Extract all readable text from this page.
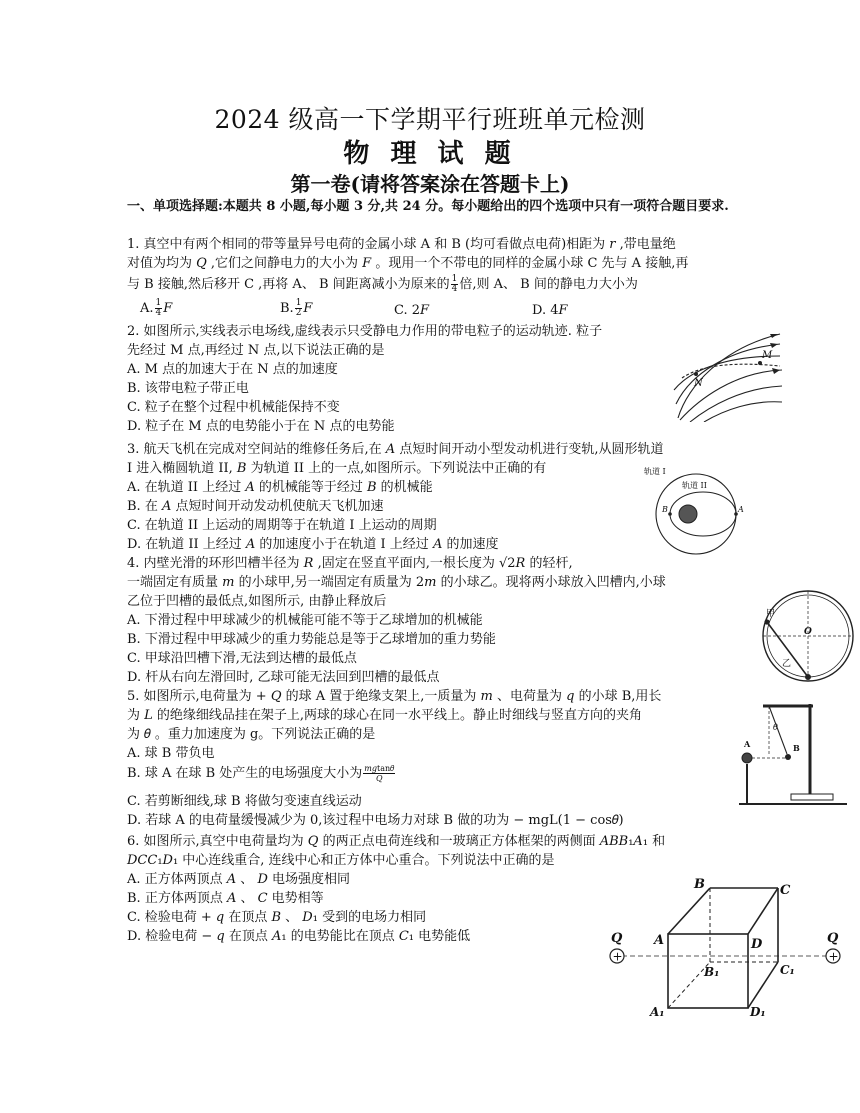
2024 级高一下学期平行班班单元检测
物 理 试 题
第一卷(请将答案涂在答题卡上)
一、单项选择题:本题共 8 小题,每小题 3 分,共 24 分。每小题给出的四个选项中只有一项符合题目要求.
1. 真空中有两个相同的带等量异号电荷的金属小球 A 和 B (均可看做点电荷)相距为 𝑟 ,带电量绝
对值为均为 𝑄 ,它们之间静电力的大小为 𝐹 。现用一个不带电的同样的金属小球 C 先与 A 接触,再
与 B 接触,然后移开 C ,再将 A、 B 间距离减小为原来的 $\frac{1}{4}$ 倍,则 A、 B 间的静电力大小为
A. $\frac{1}{4}$ 𝐹	B. $\frac{1}{2}$ 𝐹	C. 2𝐹	D. 4𝐹
2. 如图所示,实线表示电场线,虚线表示只受静电力作用的带电粒子的运动轨迹. 粒子
先经过 M 点,再经过 N 点,以下说法正确的是
A. M 点的加速大于在 N 点的加速度
B. 该带电粒子带正电
C. 粒子在整个过程中机械能保持不变
D. 粒子在 M 点的电势能小于在 N 点的电势能
M
N
3. 航天飞机在完成对空间站的维修任务后,在 𝐴 点短时间开动小型发动机进行变轨,从圆形轨道
I 进入椭圆轨道 II, 𝐵 为轨道 II 上的一点,如图所示。下列说法中正确的有
A. 在轨道 II 上经过 𝐴 的机械能等于经过 𝐵 的机械能
B. 在 𝐴 点短时间开动发动机使航天飞机加速
C. 在轨道 II 上运动的周期等于在轨道 I 上运动的周期
D. 在轨道 II 上经过 𝐴 的加速度小于在轨道 I 上经过 𝐴 的加速度
轨道 I
轨道 II
A
B
4. 内壁光滑的环形凹槽半径为 𝑅 ,固定在竖直平面内,一根长度为 √2𝑅 的轻杆,
一端固定有质量 𝑚 的小球甲,另一端固定有质量为 2𝑚 的小球乙。现将两小球放入凹槽内,小球
乙位于凹槽的最低点,如图所示, 由静止释放后
A. 下滑过程中甲球减少的机械能可能不等于乙球增加的机械能
B. 下滑过程中甲球减少的重力势能总是等于乙球增加的重力势能
C. 甲球沿凹槽下滑,无法到达槽的最低点
D. 杆从右向左滑回时, 乙球可能无法回到凹槽的最低点
甲
乙
O
5. 如图所示,电荷量为 + 𝑄 的球 A 置于绝缘支架上,一质量为 𝑚 、电荷量为 𝑞 的小球 B,用长
为 𝐿 的绝缘细线品挂在架子上,两球的球心在同一水平线上。静止时细线与竖直方向的夹角
为 𝜃 。重力加速度为 g。下列说法正确的是
A. 球 B 带负电
B. 球 A 在球 B 处产生的电场强度大小为 $\frac{\text{𝑚𝑔tan𝜃}}{\text{𝑄}}$
C. 若剪断细线,球 B 将做匀变速直线运动
D. 若球 A 的电荷量缓慢减少为 0,该过程中电场力对球 B 做的功为 − mgL(1 − cos𝜃)
A	B
θ
6. 如图所示,真空中电荷量均为 𝑄 的两正点电荷连线和一玻璃正方体框架的两侧面 𝐴𝐵𝐵₁𝐴₁ 和
𝐷𝐶𝐶₁𝐷₁ 中心连线重合, 连线中心和正方体中心重合。下列说法中正确的是
A. 正方体两顶点 𝐴 、 𝐷 电场强度相同
B. 正方体两顶点 𝐴 、 𝐶 电势相等
C. 检验电荷 + 𝑞 在顶点 𝐵 、 𝐷₁ 受到的电场力相同
D. 检验电荷 − 𝑞 在顶点 𝐴₁ 的电势能比在顶点 𝐶₁ 电势能低
+	+
Q	Q
B	C
A	D
B₁	C₁
A₁	D₁
